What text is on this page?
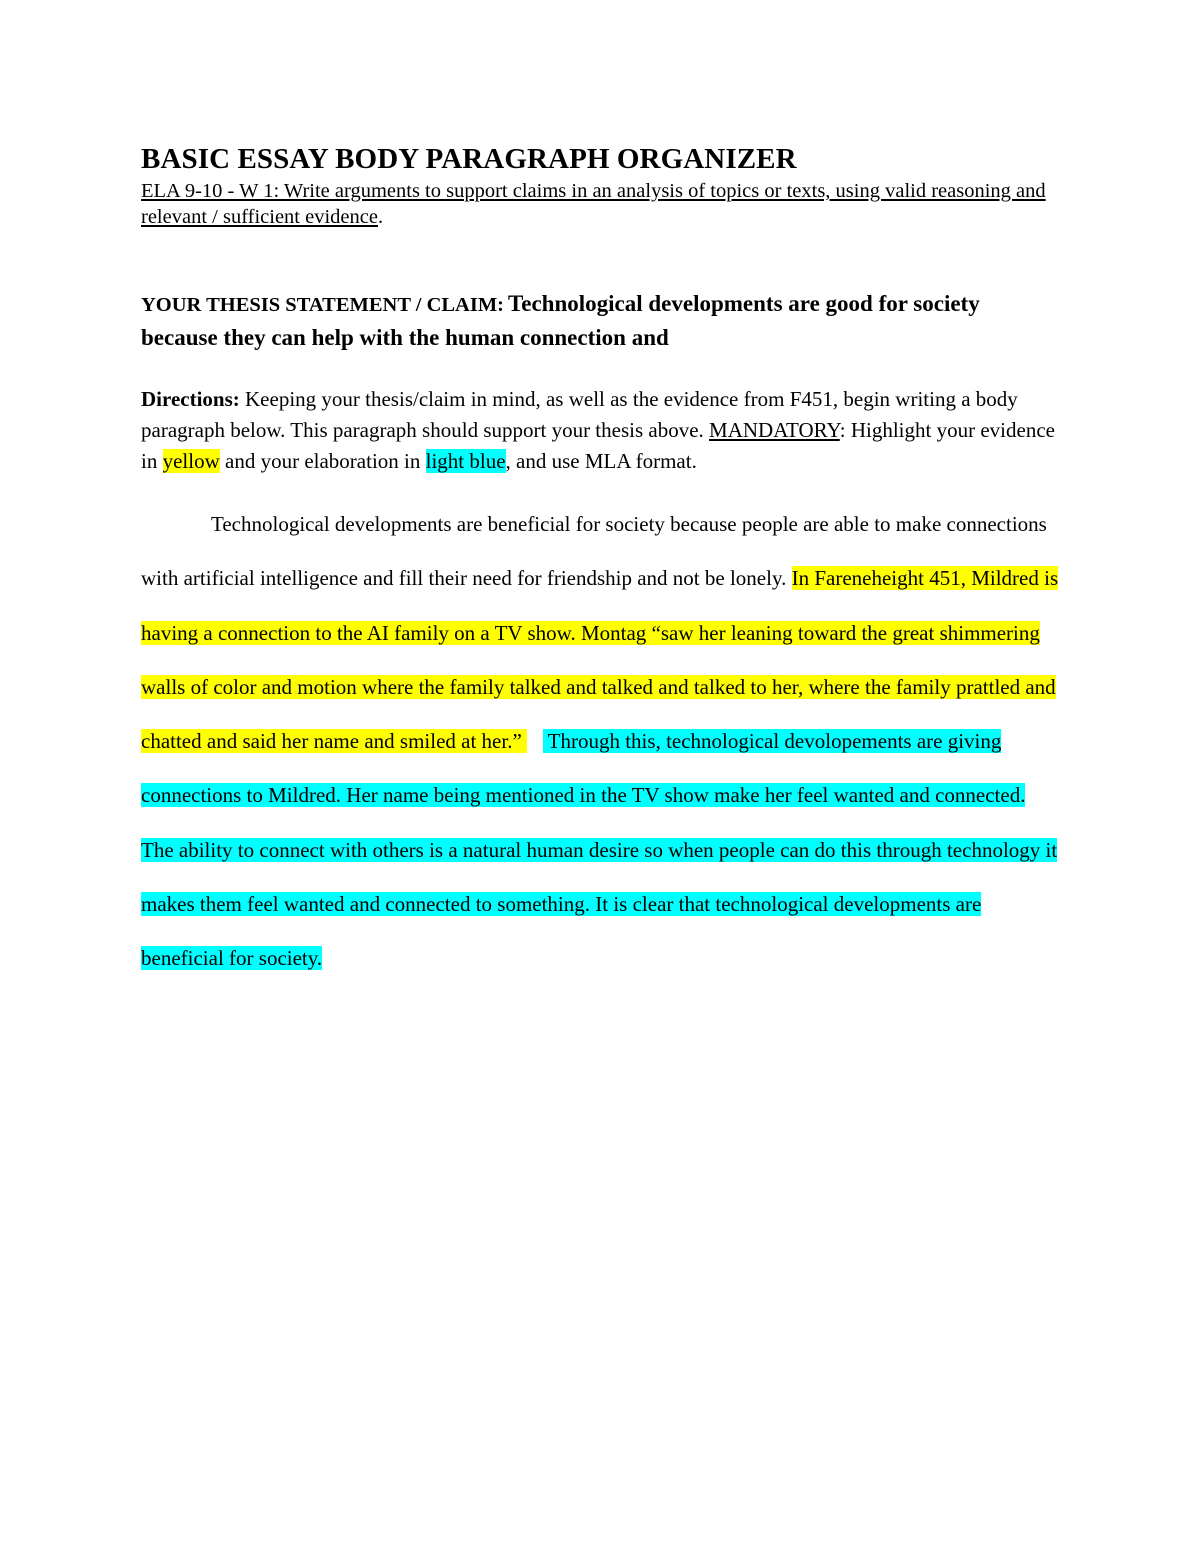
BASIC ESSAY BODY PARAGRAPH ORGANIZER

ELA 9-10 - W 1: Write arguments to support claims in an analysis of topics or texts, using valid reasoning and relevant / sufficient evidence.

YOUR THESIS STATEMENT / CLAIM: Technological developments are good for society because they can help with the human connection and

Directions: Keeping your thesis/claim in mind, as well as the evidence from F451, begin writing a body paragraph below. This paragraph should support your thesis above. MANDATORY: Highlight your evidence in yellow and your elaboration in light blue, and use MLA format.

Technological developments are beneficial for society because people are able to make connections with artificial intelligence and fill their need for friendship and not be lonely. In Fareneheight 451, Mildred is having a connection to the AI family on a TV show. Montag “saw her leaning toward the great shimmering walls of color and motion where the family talked and talked and talked to her, where the family prattled and chatted and said her name and smiled at her.”     Through this, technological devolopements are giving connections to Mildred. Her name being mentioned in the TV show make her feel wanted and connected. The ability to connect with others is a natural human desire so when people can do this through technology it makes them feel wanted and connected to something. It is clear that technological developments are beneficial for society.
